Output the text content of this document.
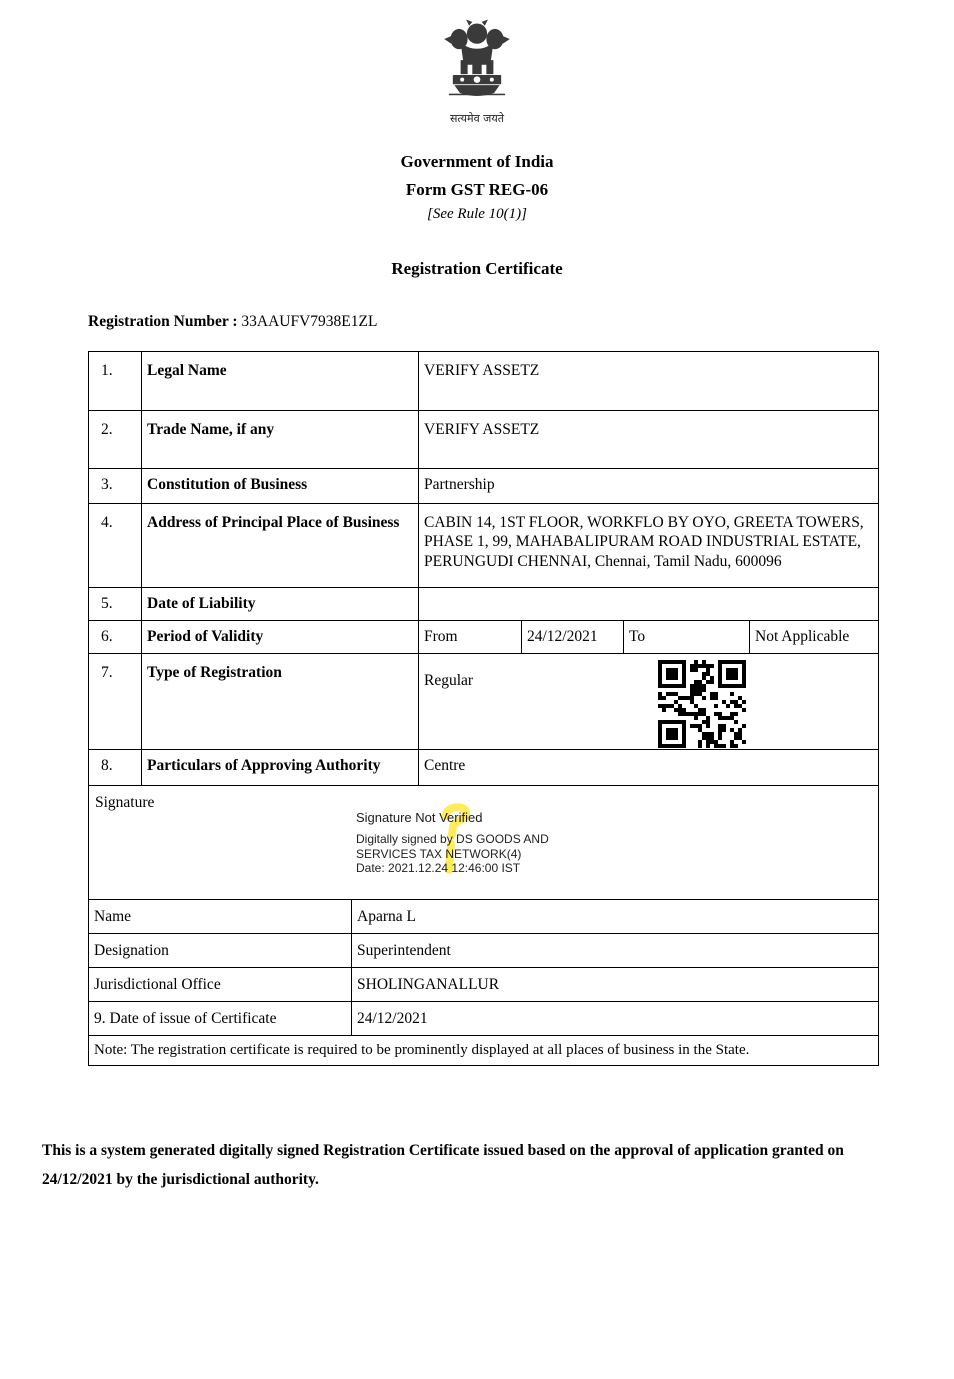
सत्यमेव जयते
Government of India
Form GST REG-06
[See Rule 10(1)]
Registration Certificate
Registration Number : 33AAUFV7938E1ZL
1.	Legal Name	VERIFY ASSETZ
2.	Trade Name, if any	VERIFY ASSETZ
3.	Constitution of Business	Partnership
4.	Address of Principal Place of Business	CABIN 14, 1ST FLOOR, WORKFLO BY OYO, GREETA TOWERS, PHASE 1, 99, MAHABALIPURAM ROAD INDUSTRIAL ESTATE, PERUNGUDI CHENNAI, Chennai, Tamil Nadu, 600096
5.	Date of Liability
6.	Period of Validity	From	24/12/2021	To	Not Applicable
7.	Type of Registration	Regular
8.	Particulars of Approving Authority	Centre
Signature
Signature Not Verified
Digitally signed by DS GOODS AND
SERVICES TAX NETWORK(4)
Date: 2021.12.24 12:46:00 IST
Name	Aparna L
Designation	Superintendent
Jurisdictional Office	SHOLINGANALLUR
9. Date of issue of Certificate	24/12/2021
Note: The registration certificate is required to be prominently displayed at all places of business in the State.
This is a system generated digitally signed Registration Certificate issued based on the approval of application granted on 24/12/2021 by the jurisdictional authority.
